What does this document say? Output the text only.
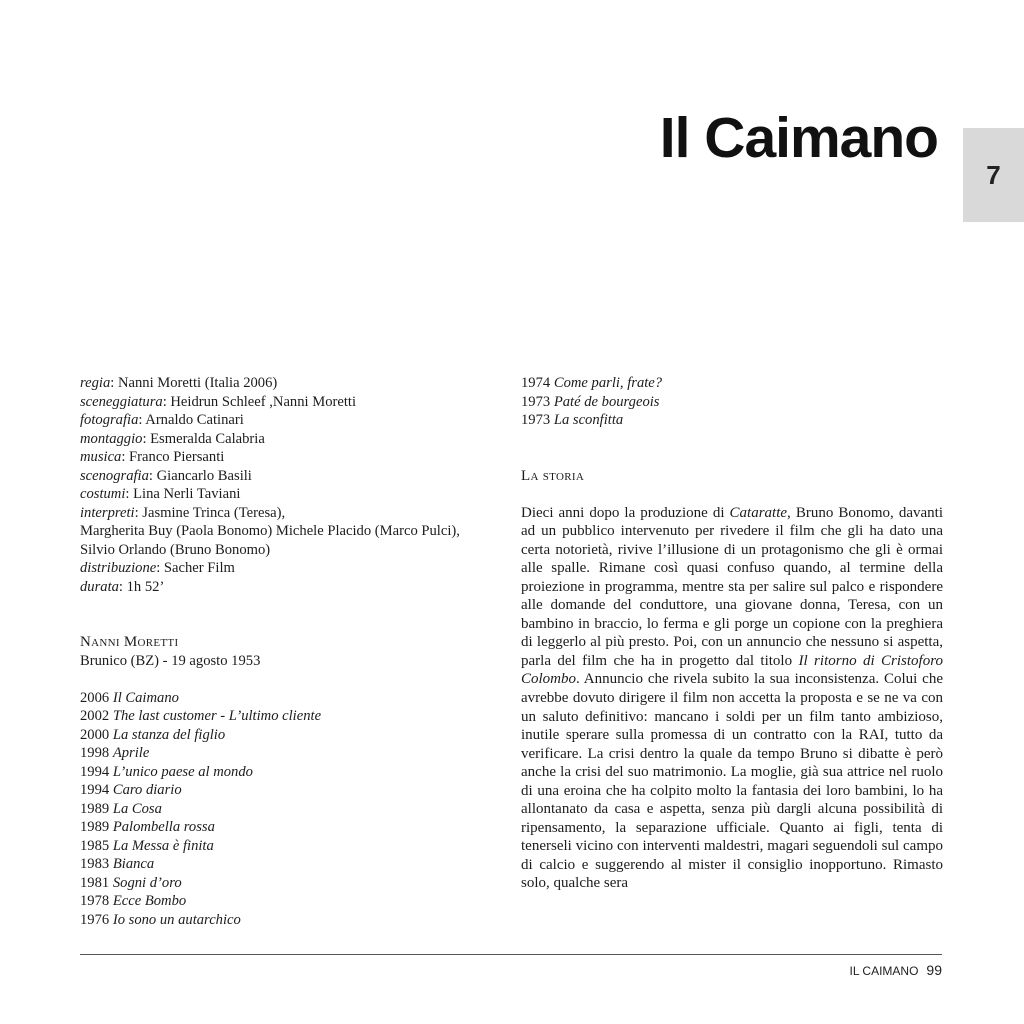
Il Caimano
7
regia: Nanni Moretti (Italia 2006)
sceneggiatura: Heidrun Schleef ,Nanni Moretti
fotografia: Arnaldo Catinari
montaggio: Esmeralda Calabria
musica: Franco Piersanti
scenografia: Giancarlo Basili
costumi: Lina Nerli Taviani
interpreti: Jasmine Trinca (Teresa),
Margherita Buy (Paola Bonomo) Michele Placido (Marco Pulci),
Silvio Orlando (Bruno Bonomo)
distribuzione: Sacher Film
durata: 1h 52’
Nanni Moretti
Brunico (BZ) - 19 agosto 1953
2006 Il Caimano
2002 The last customer - L’ultimo cliente
2000 La stanza del figlio
1998 Aprile
1994 L’unico paese al mondo
1994 Caro diario
1989 La Cosa
1989 Palombella rossa
1985 La Messa è finita
1983 Bianca
1981 Sogni d’oro
1978 Ecce Bombo
1976 Io sono un autarchico
1974 Come parli, frate?
1973 Paté de bourgeois
1973 La sconfitta
La storia

Dieci anni dopo la produzione di Cataratte, Bruno Bonomo, davanti ad un pubblico intervenuto per rivedere il film che gli ha dato una certa notorietà, rivive l’illusione di un protagonismo che gli è ormai alle spalle. Rimane così quasi confuso quando, al termine della proiezione in programma, mentre sta per salire sul palco e rispondere alle domande del conduttore, una giovane donna, Teresa, con un bambino in braccio, lo ferma e gli porge un copione con la preghiera di leggerlo al più presto. Poi, con un annuncio che nessuno si aspetta, parla del film che ha in progetto dal titolo Il ritorno di Cristoforo Colombo. Annuncio che rivela subito la sua inconsistenza. Colui che avrebbe dovuto dirigere il film non accetta la proposta e se ne va con un saluto definitivo: mancano i soldi per un film tanto ambizioso, inutile sperare sulla promessa di un contratto con la RAI, tutto da verificare. La crisi dentro la quale da tempo Bruno si dibatte è però anche la crisi del suo matrimonio. La moglie, già sua attrice nel ruolo di una eroina che ha colpito molto la fantasia dei loro bambini, lo ha allontanato da casa e aspetta, senza più dargli alcuna possibilità di ripensamento, la separazione ufficiale. Quanto ai figli, tenta di tenerseli vicino con interventi maldestri, magari seguendoli sul campo di calcio e suggerendo al mister il consiglio inopportuno. Rimasto solo, qualche sera

IL CAIMANO 99
